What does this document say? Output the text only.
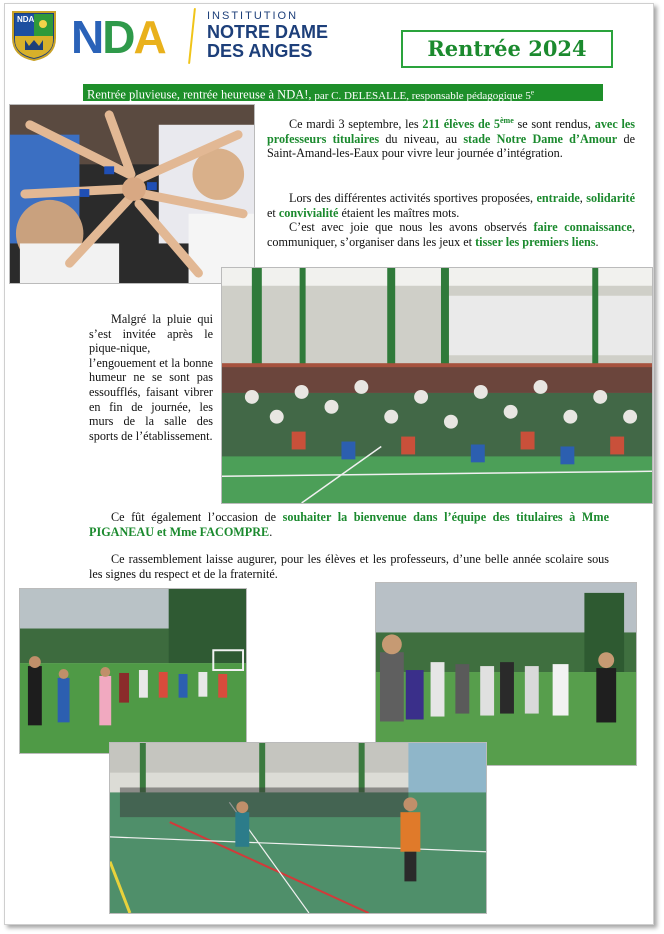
NDA NDA	INSTITUTION
NOTRE DAME
DES ANGES	Rentrée 2024
Rentrée pluvieuse, rentrée heureuse à NDA!, par C. DELESALLE, responsable pédagogique 5e

Ce mardi 3 septembre, les 211 élèves de 5ème se sont rendus, avec les professeurs titulaires du niveau, au stade Notre Dame d’Amour de Saint-Amand-les-Eaux pour vivre leur journée d’intégration.

Lors des différentes activités sportives proposées, entraide, solidarité et convivialité étaient les maîtres mots.

C’est avec joie que nous les avons observés faire connaissance, communiquer, s’organiser dans les jeux et tisser les premiers liens.

Malgré la pluie qui s’est invitée après le pique-nique, l’engouement et la bonne humeur ne se sont pas essoufflés, faisant vibrer en fin de journée, les murs de la salle des sports de l’établissement.

Ce fût également l’occasion de souhaiter la bienvenue dans l’équipe des titulaires à Mme PIGANEAU et Mme FACOMPRE.

Ce rassemblement laisse augurer, pour les élèves et les professeurs, d’une belle année scolaire sous les signes du respect et de la fraternité.
